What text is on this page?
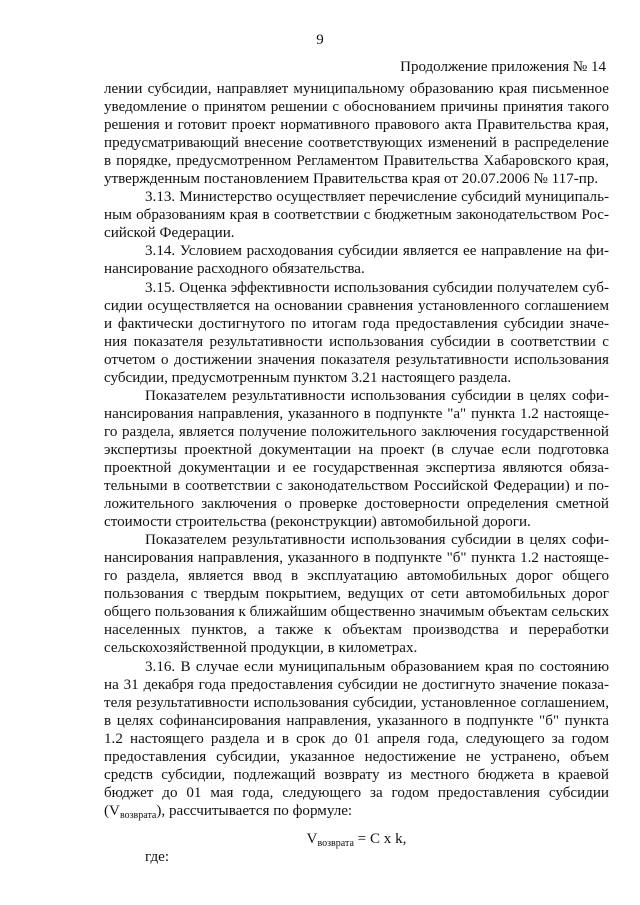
9
Продолжение приложения № 14

лении субсидии, направляет муниципальному образованию края письменное уведомление о принятом решении с обоснованием причины принятия такого решения и готовит проект нормативного правового акта Правительства края, предусматривающий внесение соответствующих изменений в распределение в порядке, предусмотренном Регламентом Правительства Хабаровского края, утвержденным постановлением Правительства края от 20.07.2006 № 117-пр.

3.13. Министерство осуществляет перечисление субсидий муниципальным образованиям края в соответствии с бюджетным законодательством Российской Федерации.

3.14. Условием расходования субсидии является ее направление на финансирование расходного обязательства.

3.15. Оценка эффективности использования субсидии получателем субсидии осуществляется на основании сравнения установленного соглашением и фактически достигнутого по итогам года предоставления субсидии значения показателя результативности использования субсидии в соответствии с отчетом о достижении значения показателя результативности использования субсидии, предусмотренным пунктом 3.21 настоящего раздела.

Показателем результативности использования субсидии в целях софинансирования направления, указанного в подпункте "а" пункта 1.2 настоящего раздела, является получение положительного заключения государственной экспертизы проектной документации на проект (в случае если подготовка проектной документации и ее государственная экспертиза являются обязательными в соответствии с законодательством Российской Федерации) и положительного заключения о проверке достоверности определения сметной стоимости строительства (реконструкции) автомобильной дороги.

Показателем результативности использования субсидии в целях софинансирования направления, указанного в подпункте "б" пункта 1.2 настоящего раздела, является ввод в эксплуатацию автомобильных дорог общего пользования с твердым покрытием, ведущих от сети автомобильных дорог общего пользования к ближайшим общественно значимым объектам сельских населенных пунктов, а также к объектам производства и переработки сельскохозяйственной продукции, в километрах.

3.16. В случае если муниципальным образованием края по состоянию на 31 декабря года предоставления субсидии не достигнуто значение показателя результативности использования субсидии, установленное соглашением, в целях софинансирования направления, указанного в подпункте "б" пункта 1.2 настоящего раздела и в срок до 01 апреля года, следующего за годом предоставления субсидии, указанное недостижение не устранено, объем средств субсидии, подлежащий возврату из местного бюджета в краевой бюджет до 01 мая года, следующего за годом предоставления субсидии $(V_{возврата})$, рассчитывается по формуле:

$V_{возврата} = С$ x k,

где:
